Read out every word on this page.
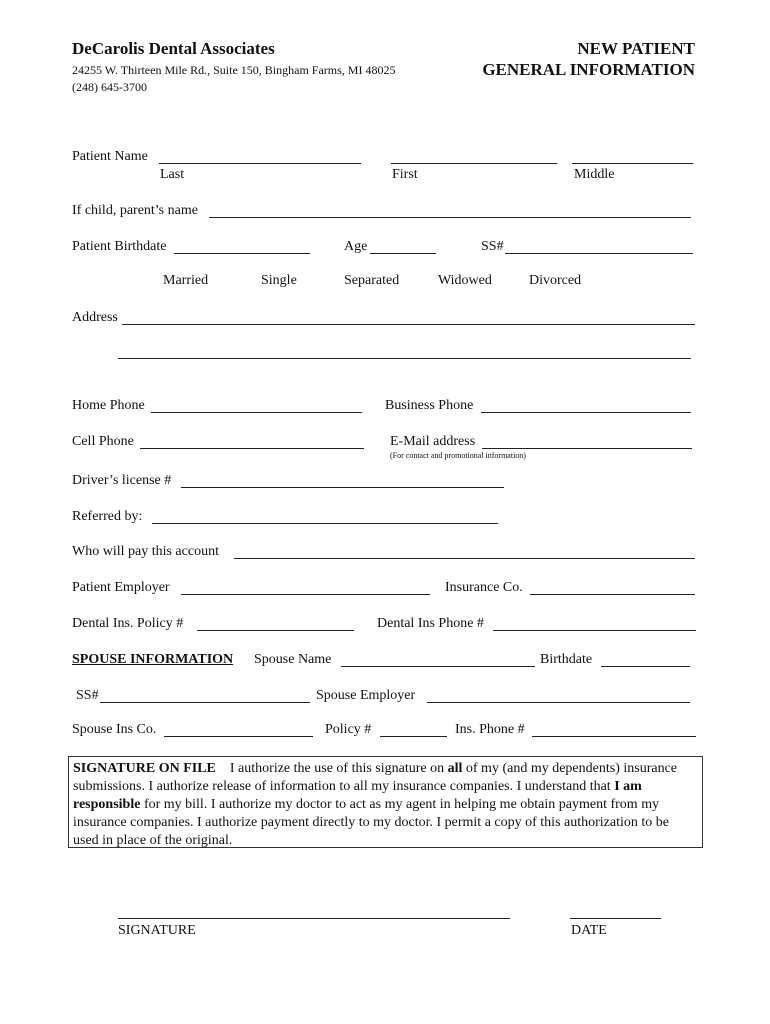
DeCarolis Dental Associates
24255 W. Thirteen Mile Rd., Suite 150, Bingham Farms, MI 48025
(248) 645-3700
NEW PATIENT
GENERAL INFORMATION
Patient Name
Last	First	Middle
If child, parent’s name
Patient Birthdate	Age	SS#
Married	Single	Separated	Widowed	Divorced
Address
Home Phone	Business Phone
Cell Phone	E-Mail address
(For contact and promotional information)
Driver’s license #
Referred by:
Who will pay this account
Patient Employer	Insurance Co.
Dental Ins. Policy #	Dental Ins Phone #
SPOUSE INFORMATION Spouse Name	Birthdate
SS#	Spouse Employer
Spouse Ins Co.	Policy #	Ins. Phone #
SIGNATURE ON FILE    I authorize the use of this signature on all of my (and my dependents) insurance submissions. I authorize release of information to all my insurance companies. I understand that I am responsible for my bill. I authorize my doctor to act as my agent in helping me obtain payment from my insurance companies. I authorize payment directly to my doctor. I permit a copy of this authorization to be used in place of the original.
SIGNATURE	DATE
